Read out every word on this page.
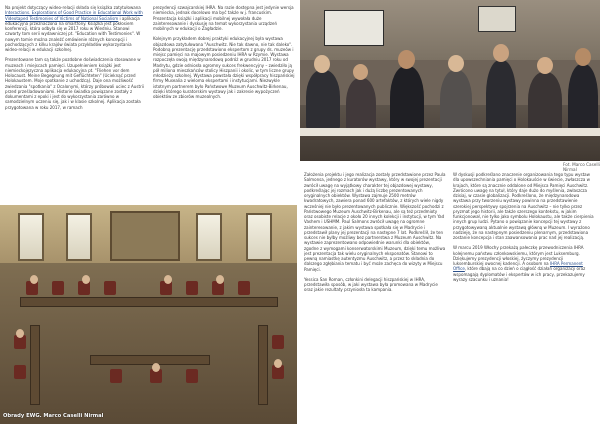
Na projekt dotyczący wideo-relacji składa się książka zatytułowana Interactions. Explorations of Good Practice in Educational Work with Videotaped Testimonies of Victims of National Socialism i aplikacja edukacyjna przeznaczona na smartfony. Książka jest pokłosiem konferencji, która odbyła się w 2017 roku w Wiedniu. Stanowi czwarty tom serii wydawniczej pt. "Education with Testimonies". W nowym tomie można znaleźć omówienie różnych koncepcji i pochodzących z kilku krajów świata przykładów wykorzystania wideo-relacji w edukacji szkolnej.

Prezentowane tam są także pozdobne doświadczenia stosowane w muzeach i miejscach pamięci. Uzupełnieniem książki jest niemieckojęzyczna aplikacja edukacyjna pt. "Fliehen vor dem Holocaust. Meine Begegnung mit Geflüchteten" (Ucieknąć przed Holokaustem. Moje spotkanie z uchodźcą). Daje ona możliwość zwiedzania "spotkania" z Ocalonymi, którzy próbowali uciec z Austrii przed prześladowaniami. Historie świadka powiązane zostały z dokumentami z epoki i jest do wykorzystania zarówno w samodzielnym uczeniu się, jak i w klasie szkolnej. Aplikacja została przygotowana w roku 2017, w ramach

prezydencji szwajcarskiej IHRA. Na razie dostępna jest jedynie wersja niemiecka, jednak docelowo ma być także w j. francuskim. Prezentacja książki i aplikacji mobilnej wywołała duże zainteresowanie i dyskusję na temat wykorzystania urządzeń mobilnych w edukacji o Zagładzie.

Kolejnym przykładem dobrej praktyki edukacyjnej była wystawa objazdowa zatytułowana "Auschwitz. Nie tak dawno, nie tak daleko". Podobną prezentację przedstawiono ekspertom z grupy ds. muzeów i miejsc pamięci na majowym posiedzeniu IHRA w Rzymie. Wystawa rozpoczęła swoją międzynarodową podróż w grudniu 2017 roku od Madrytu, gdzie odniosła ogromny sukces frekwencyjny – zwiedziło ją pół miliona mieszkańców stolicy Hiszpanii i okolic, w tym liczne grupy młodzieży szkolnej. Wystawa powstała dzięki współpracy hiszpańskiej firmy Musealia z wieloma ekspertami i instytucjami. Niezwykle istotnym partnerem było Państwowe Muzeum Auschwitz-Birkenau, dzięki którego kuratorskim wystawy jak i zakresie wypożyczeń obiektów ze zbiorów muzealnych.

Fot. Marco Caselli Nirmal
Obrady EWG. Marco Caselli Nirmal

Założenia projektu i jego realizacja zostały przedstawione przez Paula Salmonsa, jednego z kuratorów wystawy, który w swojej prezentacji zwrócił uwagę na wyjątkowy charakter tej objazdowej wystawy, podkreślając jej rozmach jak i dużą liczbę prezentowanych oryginalnych obiektów. Wystawa zajmuje 2500 metrów kwadratowych, zawiera ponad 600 artefaktów, z których wiele nigdy wcześniej nie było prezentowanych publicznie. Większość pochodzi z Państwowego Muzeum Auschwitz-Birkenau, ale są też przedmioty oraz osobiste relacje z około 20 innych kolekcji i instytucji, w tym Yad Vashem i USHMM. Paul Salmons zwrócił uwagę na ogromne zainteresowanie, z jakim wystawa spotkała się w Madrycie i przedstawił plany jej prezentacji na następne 7 lat. Podkreślił, że ten sukces nie byłby możliwy bez partnerstwa z Muzeum Auschwitz. Na wystawie zaprezentowano odpowiednie warunki dla obiektów, zgodne z wymogami konserwatorskimi Muzeum, dzięki temu możliwa jest prezentacja tak wielu oryginalnych eksponatów. Stanowi to pewną namiastkę autentyzmu Auschwitz, a przez to składnia do dalszego zgłębiania tematu i być może zachęca do wizyty w Miejscu Pamięci.

Yessica San Roman, członkini delegacji hiszpańskiej w IHRA, przedstawiła sposób, w jaki wystawa była promowana w Madrycie oraz jakie rezultaty przyniosła ta kampania.

W dyskusji podkreślano znaczenie organizowania tego typu wystaw dla upowszechniania pamięci o Holokauście w świecie, zwłaszcza w krajach, które są znacznie oddalone od Miejsca Pamięci Auschwitz. Zwrócono uwagę na tytuł, który daje dużo do myślenia, zwłaszcza dzisiaj, w czasie globalizacji. Podkreślono, że międzynarodowa wystawa przy tworzeniu wystawy powinna na przedstawienie szerokiej perspektywy spojrzenia na Auschwitz – nie tylko przez pryzmat jego historii, ale także szerszego kontekstu, w jakim funkcjonował, nie tylko jako symbolu Holokaustu, ale także cierpienia innych grup ludzi. Pytano o powiązanie koncepcji tej wystawy z przygotowywaną aktualnie wystawą główną w Muzeum. I wyrażono nadzieję, że na następnym posiedzeniu plenarnym, przedstawiona zostanie koncepcja i stan zaawansowania prac nad jej realizacją.

W marcu 2019 Włochy przekażą pałeczkę przewodniczenia IHRA kolejnemu państwu członkowskiemu, którym jest Luksemburg. Dziękujemy prezydencji włoskiej, życzymy prezydencji luksemburskiej owocnej kadencji. A osobom na IHRA Permanent Office, które dbają na co dzień o ciągłość działań organizacji oraz wspomagają dyplomatów i ekspertów w ich pracy, przekazujemy wyrazy szacunku i uznania!
